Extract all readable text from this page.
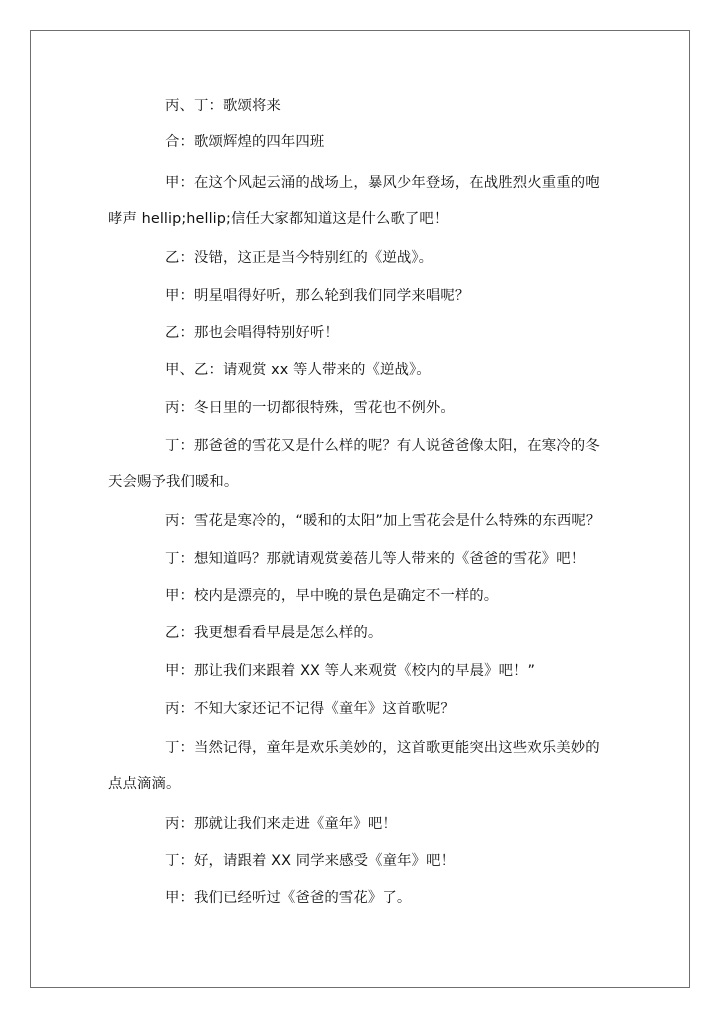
丙、丁：歌颂将来

合：歌颂辉煌的四年四班

甲：在这个风起云涌的战场上，暴风少年登场，在战胜烈火重重的咆哮声 hellip;hellip;信任大家都知道这是什么歌了吧！

乙：没错，这正是当今特别红的《逆战》。

甲：明星唱得好听，那么轮到我们同学来唱呢？

乙：那也会唱得特别好听！

甲、乙：请观赏 xx 等人带来的《逆战》。

丙：冬日里的一切都很特殊，雪花也不例外。

丁：那爸爸的雪花又是什么样的呢？有人说爸爸像太阳，在寒冷的冬天会赐予我们暖和。

丙：雪花是寒冷的，“暖和的太阳”加上雪花会是什么特殊的东西呢？

丁：想知道吗？那就请观赏姜蓓儿等人带来的《爸爸的雪花》吧！

甲：校内是漂亮的，早中晚的景色是确定不一样的。

乙：我更想看看早晨是怎么样的。

甲：那让我们来跟着 XX 等人来观赏《校内的早晨》吧！”

丙：不知大家还记不记得《童年》这首歌呢？

丁：当然记得，童年是欢乐美妙的，这首歌更能突出这些欢乐美妙的点点滴滴。

丙：那就让我们来走进《童年》吧！

丁：好，请跟着 XX 同学来感受《童年》吧！

甲：我们已经听过《爸爸的雪花》了。
